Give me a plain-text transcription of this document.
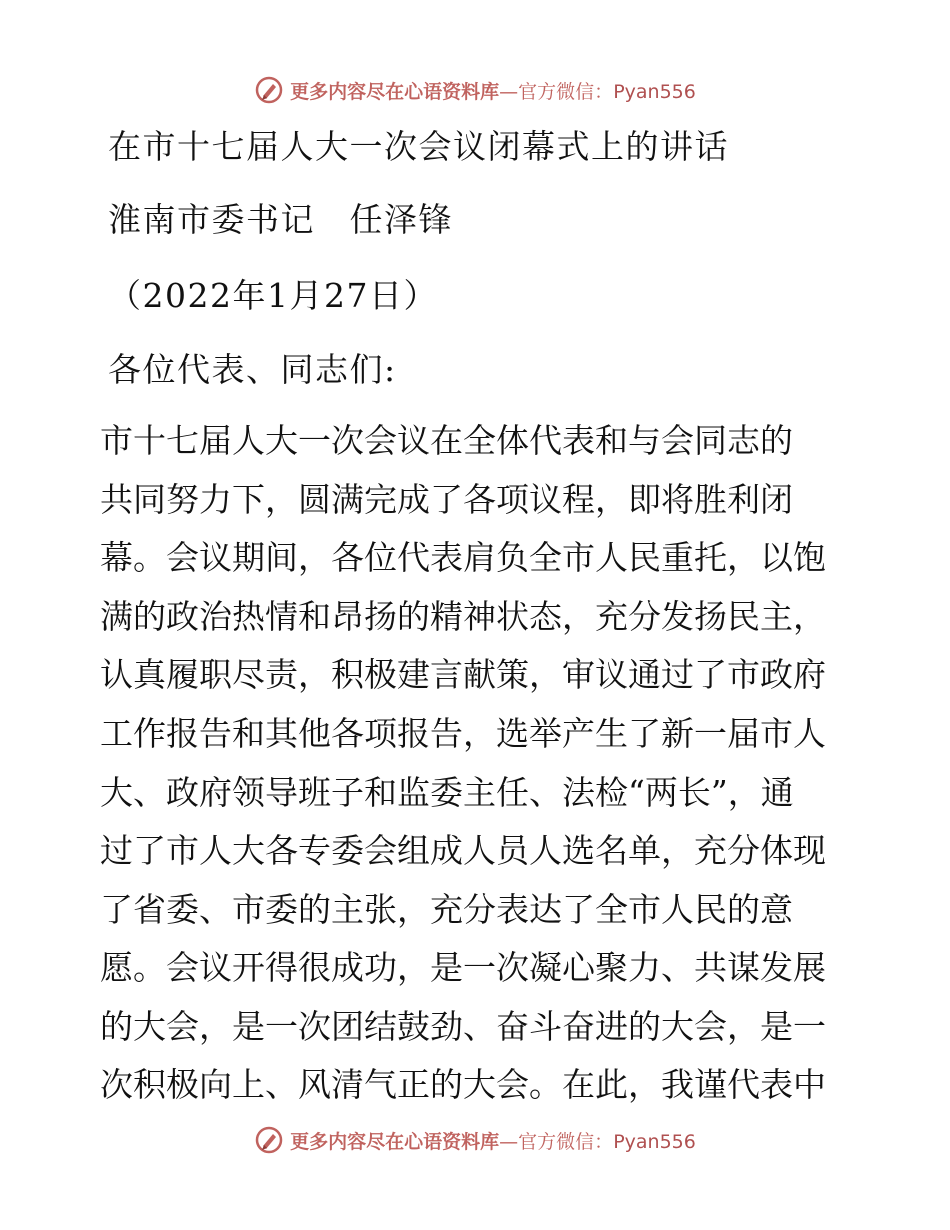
更多内容尽在心语资料库—官方微信：Pyan556
在市十七届人大一次会议闭幕式上的讲话
淮南市委书记　任泽锋
（2022年1月27日）
各位代表、同志们:
市十七届人大一次会议在全体代表和与会同志的
共同努力下，圆满完成了各项议程，即将胜利闭
幕。会议期间，各位代表肩负全市人民重托，以饱
满的政治热情和昂扬的精神状态，充分发扬民主，
认真履职尽责，积极建言献策，审议通过了市政府
工作报告和其他各项报告，选举产生了新一届市人
大、政府领导班子和监委主任、法检“两长”，通
过了市人大各专委会组成人员人选名单，充分体现
了省委、市委的主张，充分表达了全市人民的意
愿。会议开得很成功，是一次凝心聚力、共谋发展
的大会，是一次团结鼓劲、奋斗奋进的大会，是一
次积极向上、风清气正的大会。在此，我谨代表中
更多内容尽在心语资料库—官方微信：Pyan556
